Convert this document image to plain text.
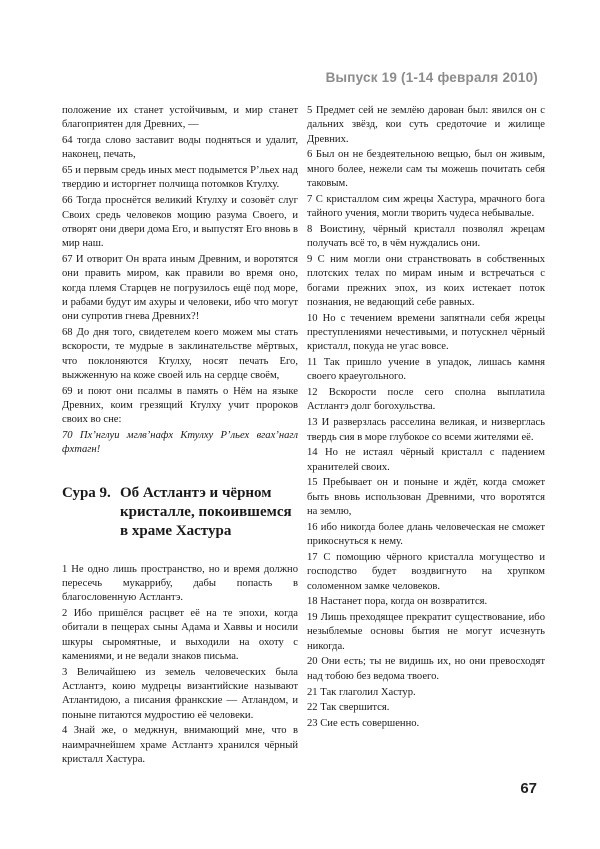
Выпуск 19 (1-14 февраля 2010)

положение их станет устойчивым, и мир станет благоприятен для Древних, —

64 тогда слово заставит воды подняться и удалит, наконец, печать,

65 и первым средь иных мест подымется Р’льех над твердию и исторгнет полчища потомков Ктулху.

66 Тогда проснётся великий Ктулху и созовёт слуг Своих средь человеков мощию разума Своего, и отворят они двери дома Его, и выпустят Его вновь в мир наш.

67 И отворит Он врата иным Древним, и воротятся они править миром, как правили во время оно, когда племя Старцев не погрузилось ещё под море, и рабами будут им ахуры и человеки, ибо что могут они супротив гнева Древних?!

68 До дня того, свидетелем коего можем мы стать вскорости, те мудрые в заклинательстве мёртвых, что поклоняются Ктулху, носят печать Его, выжженную на коже своей иль на сердце своём,

69 и поют они псалмы в память о Нём на языке Древних, коим грезящий Ктулху учит пророков своих во сне:

70 Пх’нглуи мглв’нафх Ктулху Р’льех вгах’нагл фхтагн!

Сура 9. Об Астлантэ и чёрном кристалле, покоившемся в храме Хастура

1 Не одно лишь пространство, но и время должно пересечь мукаррибу, дабы попасть в благословенную Астлантэ.

2 Ибо пришёлся расцвет её на те эпохи, когда обитали в пещерах сыны Адама и Хаввы и носили шкуры сыромятные, и выходили на охоту с камениями, и не ведали знаков письма.

3 Величайшею из земель человеческих была Астлантэ, коию мудрецы византийские называют Атлантидою, а писания франкские — Атландом, и поныне питаются мудростию её человеки.

4 Знай же, о меджнун, внимающий мне, что в наимрачнейшем храме Астлантэ хранился чёрный кристалл Хастура.

5 Предмет сей не землёю дарован был: явился он с дальних звёзд, кои суть средоточие и жилище Древних.

6 Был он не бездеятельною вещью, был он живым, много более, нежели сам ты можешь почитать себя таковым.

7 С кристаллом сим жрецы Хастура, мрачного бога тайного учения, могли творить чудеса небывалые.

8 Воистину, чёрный кристалл позволял жрецам получать всё то, в чём нуждались они.

9 С ним могли они странствовать в собственных плотских телах по мирам иным и встречаться с богами прежних эпох, из коих истекает поток познания, не ведающий себе равных.

10 Но с течением времени запятнали себя жрецы преступлениями нечестивыми, и потускнел чёрный кристалл, покуда не угас вовсе.

11 Так пришло учение в упадок, лишась камня своего краеугольного.

12 Вскорости после сего сполна выплатила Астлантэ долг богохульства.

13 И разверзлась расселина великая, и низверглась твердь сия в море глубокое со всеми жителями её.

14 Но не истаял чёрный кристалл с падением хранителей своих.

15 Пребывает он и поныне и ждёт, когда сможет быть вновь использован Древними, что воротятся на землю,

16 ибо никогда более длань человеческая не сможет прикоснуться к нему.

17 С помощию чёрного кристалла могущество и господство будет воздвигнуто на хрупком соломенном замке человеков.

18 Настанет пора, когда он возвратится.

19 Лишь преходящее прекратит существование, ибо незыблемые основы бытия не могут исчезнуть никогда.

20 Они есть; ты не видишь их, но они превосходят над тобою без ведома твоего.

21 Так глаголил Хастур.

22 Так свершится.

23 Сие есть совершенно.

67
